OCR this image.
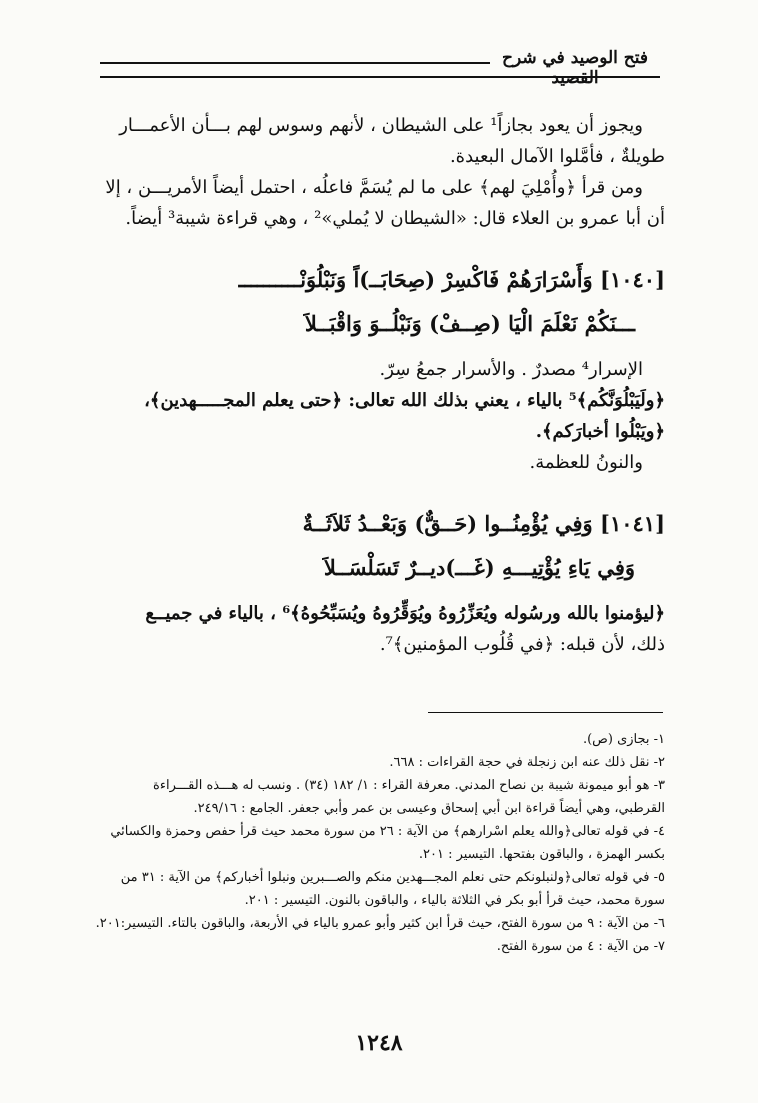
فتح الوصيد في شرح القصيد

ويجوز أن يعود بجازاً¹ على الشيطان ، لأنهم وسوس لهم بـــأن الأعمـــار

طويلةٌ ، فأمَّلوا الآمال البعيدة.

ومن قرأ ﴿وأُمْلِيَ لهم﴾ على ما لم يُسَمَّ فاعلُه ، احتمل أيضاً الأمريـــن ، إلا

أن أبا عمرو بن العلاء قال: «الشيطان لا يُملي»² ، وهي قراءة شيبة³ أيضاً.

[١٠٤٠] وَأَسْرَارَهُمْ فَاكْسِرْ (صِحَابَــ)اً وَنَبْلُوَنْــــــــــ

ـــنَكُمْ نَعْلَمَ الْيَا (صِــفْ) وَنَبْلُــوَ وَاقْبَــلاَ

الإسرار⁴ مصدرٌ . والأسرار جمعُ سِرّ.

﴿ولَيَبْلُوَنَّكُم﴾⁵ بالياء ، يعني بذلك الله تعالى: ﴿حتى يعلم المجـــــهدين﴾،

﴿ويَبْلُوا أخبارَكم﴾.

والنونُ للعظمة.

[١٠٤١] وَفِي يُؤْمِنُــوا (حَــقٌّ) وَبَعْــدُ ثَلاَثَــةٌ

وَفِي يَاءِ يُؤْتِيـــهِ (غَـــ)ديــرٌ تَسَلْسَــلاَ

﴿ليؤمنوا بالله ورسُوله ويُعَزِّرُوهُ ويُوَقِّرُوهُ ويُسَبِّحُوهُ﴾⁶ ، بالياء في جميــع

ذلك، لأن قبله: ﴿في قُلُوب المؤمنين﴾⁷.

١- بجازى (ص).

٢- نقل ذلك عنه ابن زنجلة في حجة القراءات : ٦٦٨.

٣- هو أبو ميمونة شيبة بن نصاح المدني. معرفة القراء : ١/ ١٨٢ (٣٤) . ونسب له هـــذه القـــراءة

القرطبي، وهي أيضاً قراءة ابن أبي إسحاق وعيسى بن عمر وأبي جعفر. الجامع : ٢٤٩/١٦.

٤- في قوله تعالى﴿والله يعلم اسْرارهم﴾ من الآية : ٢٦ من سورة محمد حيث قرأ حفص وحمزة والكسائي

بكسر الهمزة ، والباقون بفتحها. التيسير : ٢٠١.

٥- في قوله تعالى﴿ولنبلونكم حتى نعلم المجـــهدين منكم والصـــبرين ونبلوا أخباركم﴾ من الآية : ٣١ من

سورة محمد، حيث قرأ أبو بكر في الثلاثة بالياء ، والباقون بالنون. التيسير : ٢٠١.

٦- من الآية : ٩ من سورة الفتح، حيث قرأ ابن كثير وأبو عمرو بالياء في الأربعة، والباقون بالتاء. التيسير:٢٠١.

٧- من الآية : ٤ من سورة الفتح.

١٢٤٨
